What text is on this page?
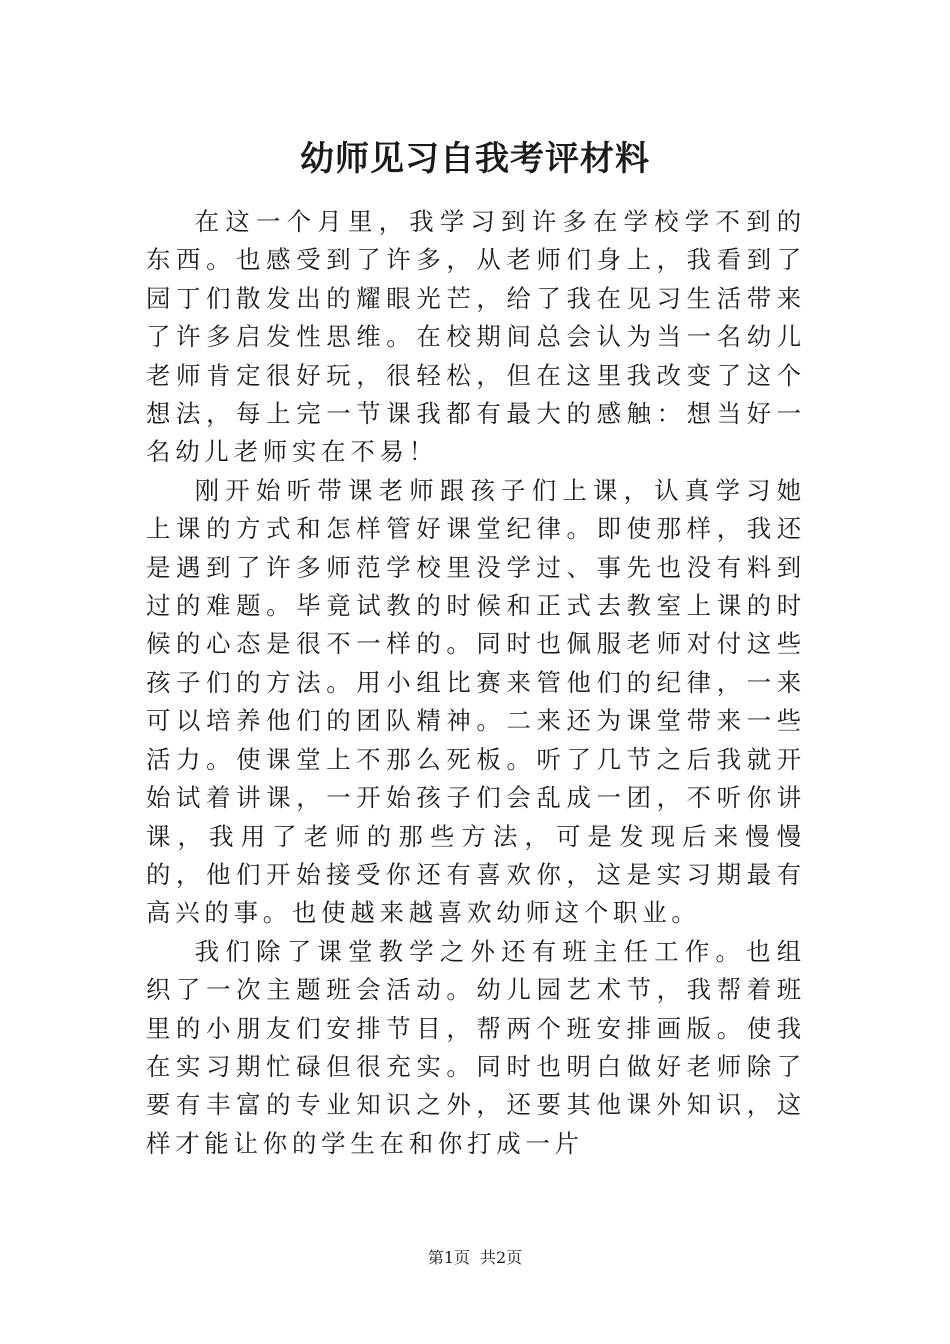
幼师见习自我考评材料

在这一个月里，我学习到许多在学校学不到的东西。也感受到了许多，从老师们身上，我看到了园丁们散发出的耀眼光芒，给了我在见习生活带来了许多启发性思维。在校期间总会认为当一名幼儿老师肯定很好玩，很轻松，但在这里我改变了这个想法，每上完一节课我都有最大的感触：想当好一名幼儿老师实在不易！

刚开始听带课老师跟孩子们上课，认真学习她上课的方式和怎样管好课堂纪律。即使那样，我还是遇到了许多师范学校里没学过、事先也没有料到过的难题。毕竟试教的时候和正式去教室上课的时候的心态是很不一样的。同时也佩服老师对付这些孩子们的方法。用小组比赛来管他们的纪律，一来可以培养他们的团队精神。二来还为课堂带来一些活力。使课堂上不那么死板。听了几节之后我就开始试着讲课，一开始孩子们会乱成一团，不听你讲课，我用了老师的那些方法，可是发现后来慢慢的，他们开始接受你还有喜欢你，这是实习期最有高兴的事。也使越来越喜欢幼师这个职业。

我们除了课堂教学之外还有班主任工作。也组织了一次主题班会活动。幼儿园艺术节，我帮着班里的小朋友们安排节目，帮两个班安排画版。使我在实习期忙碌但很充实。同时也明白做好老师除了要有丰富的专业知识之外，还要其他课外知识，这样才能让你的学生在和你打成一片

第1页 共2页
